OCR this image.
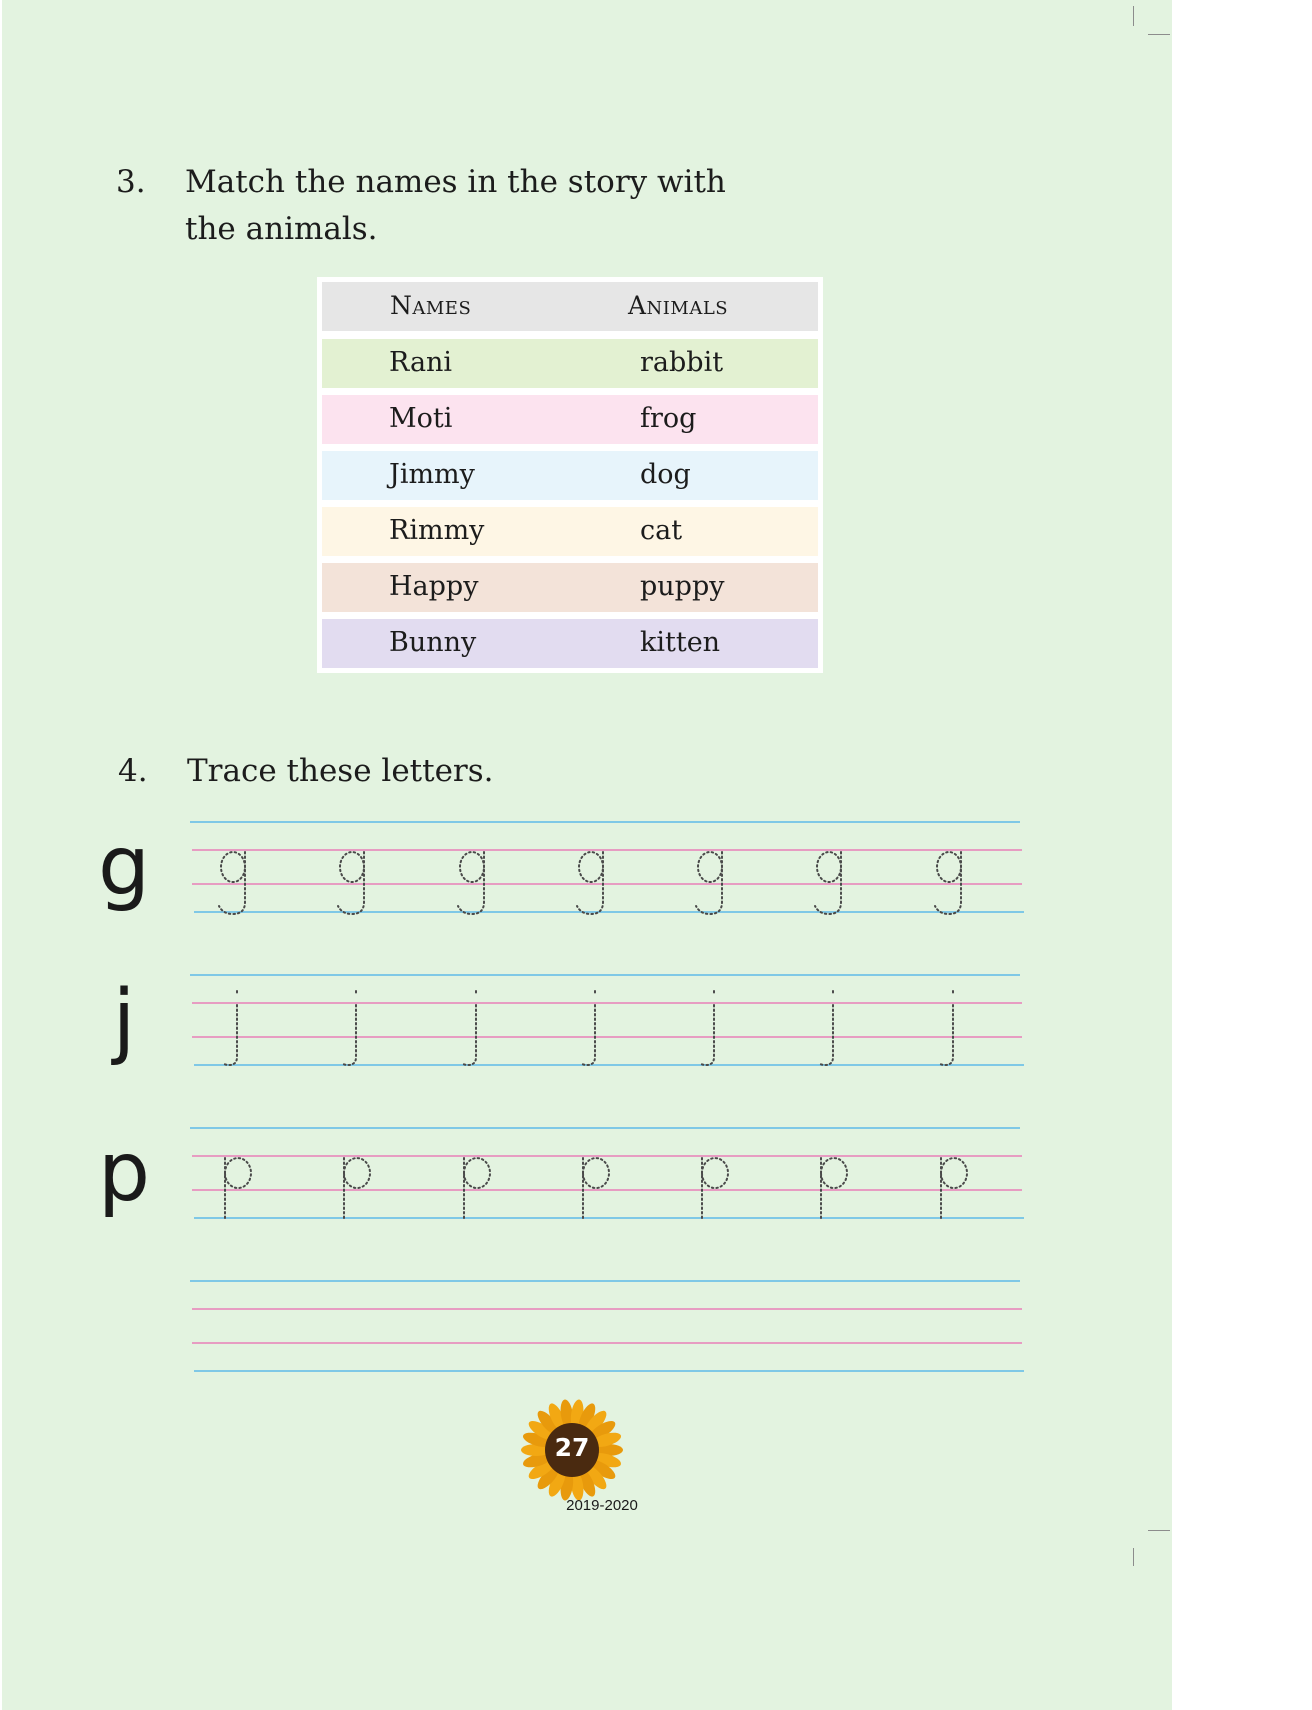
3.	Match the names in the story with the animals.
Names	Animals
Rani	rabbit
Moti	frog
Jimmy	dog
Rimmy	cat
Happy	puppy
Bunny	kitten
4.	Trace these letters.
g
j
p
27
2019-2020
